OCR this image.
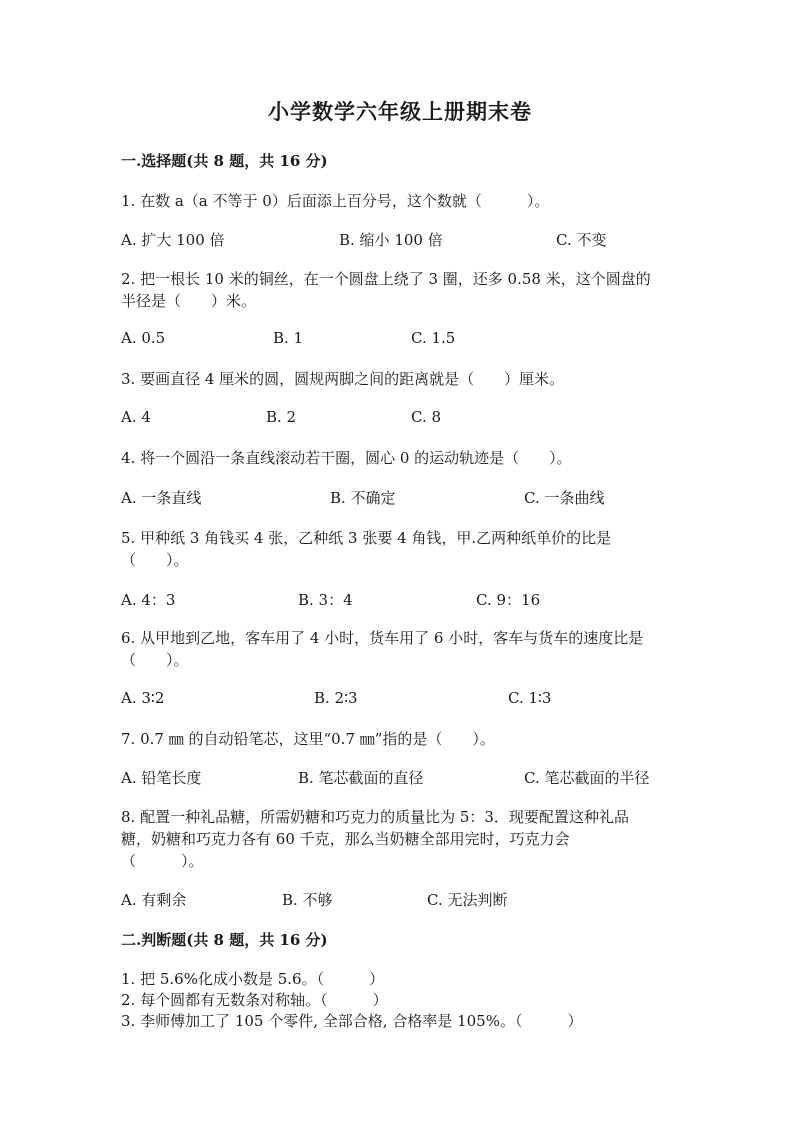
小学数学六年级上册期末卷
一.选择题(共 8 题，共 16 分)
1. 在数 a（a 不等于 0）后面添上百分号，这个数就（　　　）。
A. 扩大 100 倍	B. 缩小 100 倍	C. 不变
2. 把一根长 10 米的铜丝，在一个圆盘上绕了 3 圈，还多 0.58 米，这个圆盘的
半径是（　　）米。
A. 0.5	B. 1	C. 1.5
3. 要画直径 4 厘米的圆，圆规两脚之间的距离就是（　　）厘米。
A. 4	B. 2	C. 8
4. 将一个圆沿一条直线滚动若干圈，圆心 0 的运动轨迹是（　　）。
A. 一条直线	B. 不确定	C. 一条曲线
5. 甲种纸 3 角钱买 4 张，乙种纸 3 张要 4 角钱，甲.乙两种纸单价的比是
（　　）。
A. 4：3	B. 3：4	C. 9：16
6. 从甲地到乙地，客车用了 4 小时，货车用了 6 小时，客车与货车的速度比是
（　　）。
A. 3∶2	B. 2∶3	C. 1∶3
7. 0.7 ㎜ 的自动铅笔芯，这里“0.7 ㎜”指的是（　　）。
A. 铅笔长度	B. 笔芯截面的直径	C. 笔芯截面的半径
8. 配置一种礼品糖，所需奶糖和巧克力的质量比为 5：3．现要配置这种礼品
糖，奶糖和巧克力各有 60 千克，那么当奶糖全部用完时，巧克力会
（　　　）。
A. 有剩余	B. 不够	C. 无法判断
二.判断题(共 8 题，共 16 分)
1. 把 5.6%化成小数是 5.6。（　　　）
2. 每个圆都有无数条对称轴。（　　　）
3. 李师傅加工了 105 个零件, 全部合格, 合格率是 105%。（　　　）
